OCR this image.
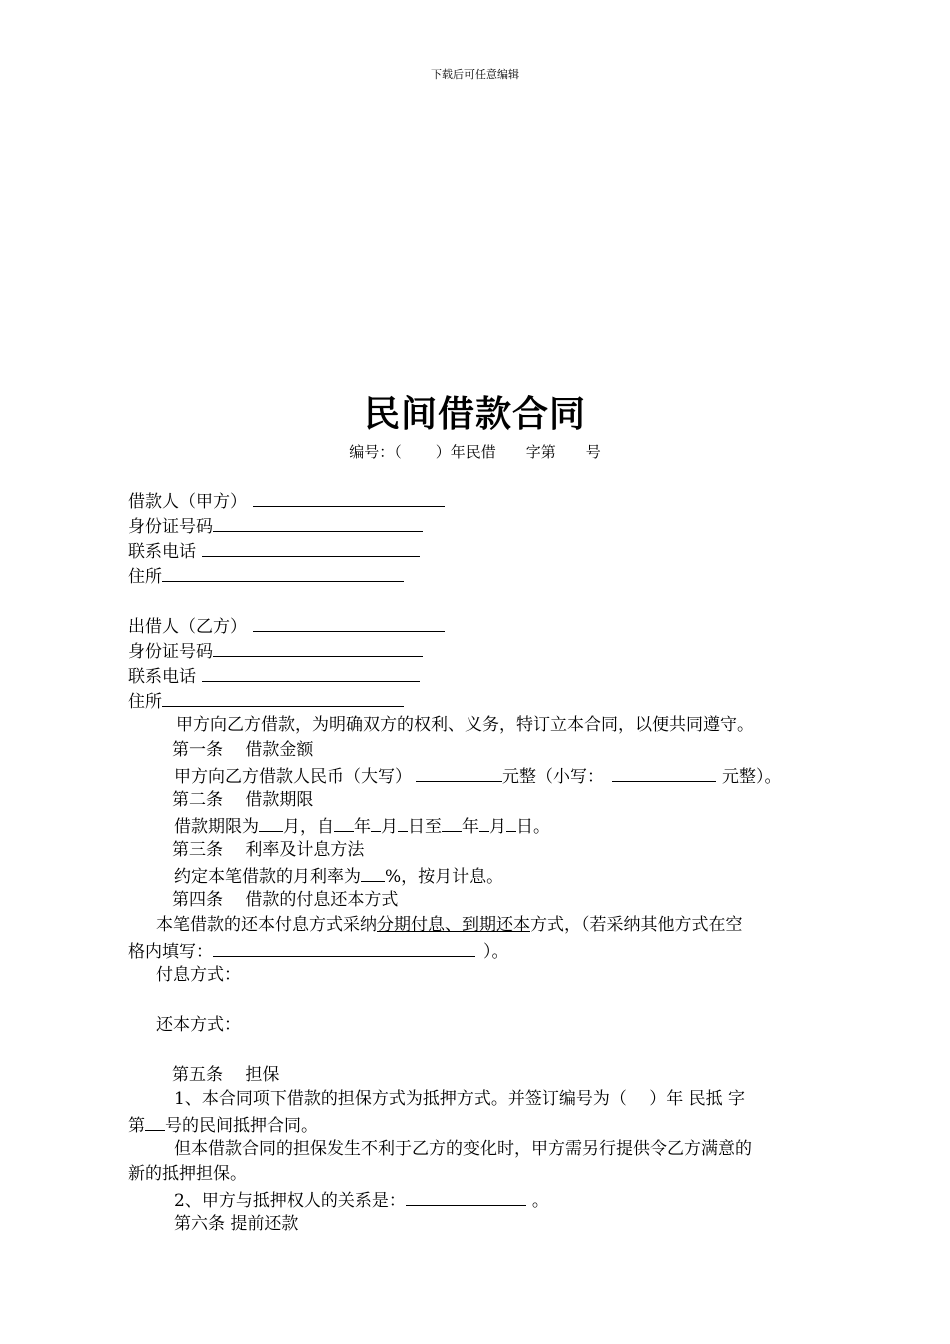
下载后可任意编辑
民间借款合同
编号：（ ）年民借 字第 号
借款人（甲方）
身份证号码
联系电话
住所
出借人（乙方）
身份证号码
联系电话
住所
甲方向乙方借款，为明确双方的权利、义务，特订立本合同，以便共同遵守。
第一条　 借款金额
甲方向乙方借款人民币（大写）	元整（小写：	元整）。
第二条　 借款期限
借款期限为 月，自 年 月 日至 年 月 日。
第三条　 利率及计息方法
约定本笔借款的月利率为 %，按月计息。
第四条　 借款的付息还本方式
本笔借款的还本付息方式采纳分期付息、到期还本方式，（若采纳其他方式在空
格内填写：	）。
付息方式：
还本方式：
第五条　 担保
1、本合同项下借款的担保方式为抵押方式。并签订编号为（　 ）年 民抵 字
第 号的民间抵押合同。
但本借款合同的担保发生不利于乙方的变化时，甲方需另行提供令乙方满意的
新的抵押担保。
2、甲方与抵押权人的关系是：	。
第六条 提前还款
